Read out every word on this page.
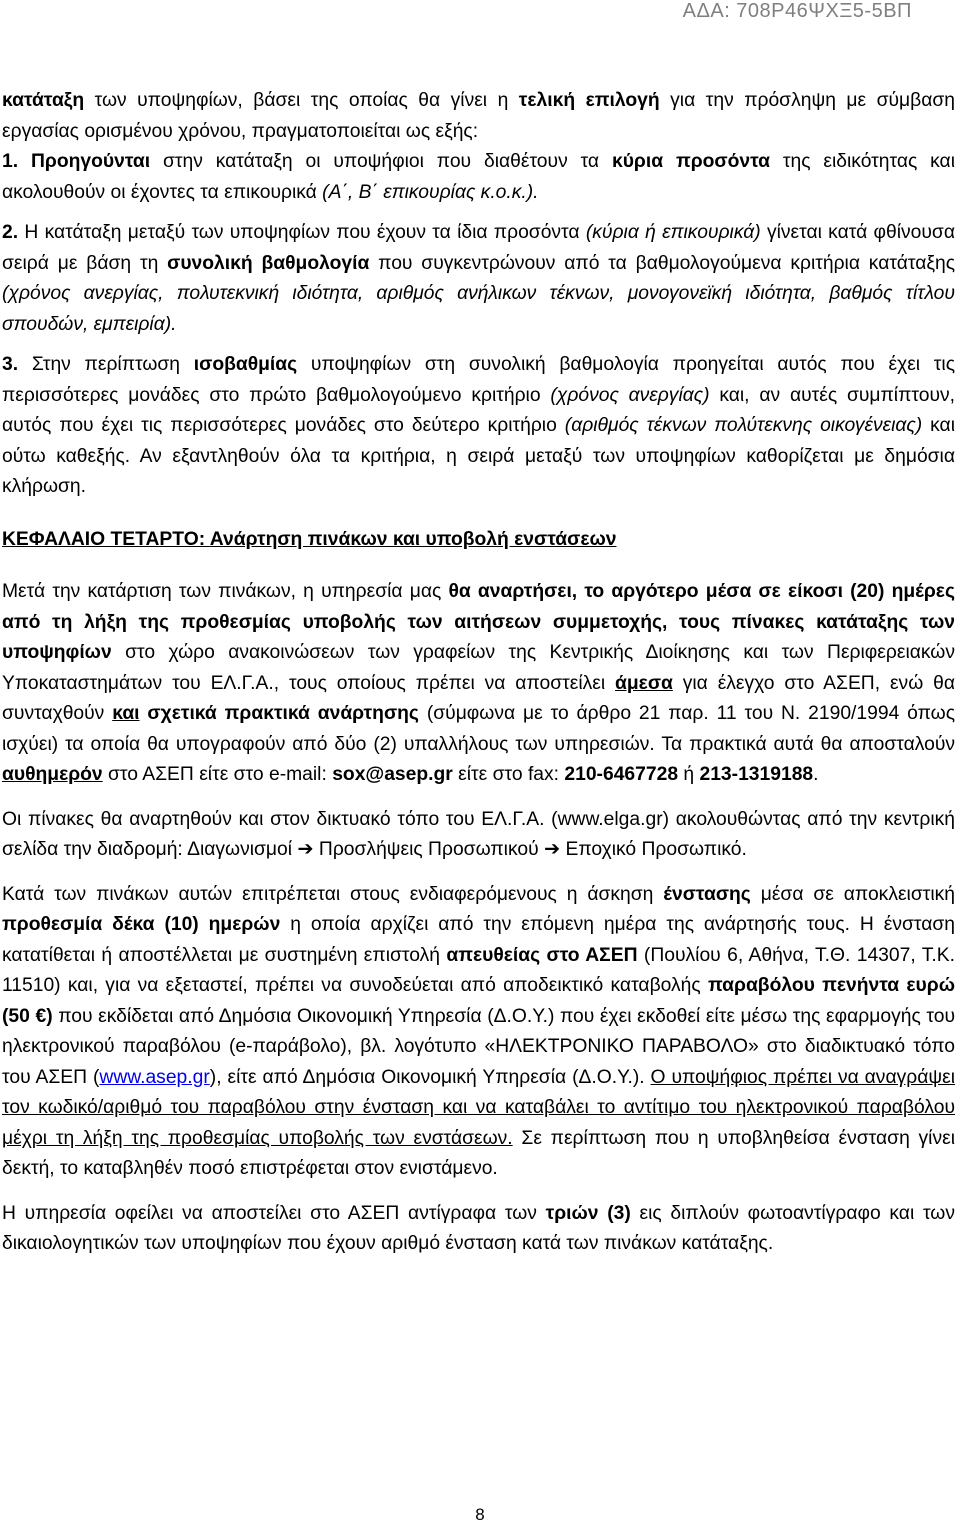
ΑΔΑ: 708Ρ46ΨΧΞ5-5ΒΠ

κατάταξη των υποψηφίων, βάσει της οποίας θα γίνει η τελική επιλογή για την πρόσληψη με σύμβαση εργασίας ορισμένου χρόνου, πραγματοποιείται ως εξής:

1. Προηγούνται στην κατάταξη οι υποψήφιοι που διαθέτουν τα κύρια προσόντα της ειδικότητας και ακολουθούν οι έχοντες τα επικουρικά (Α΄, Β΄ επικουρίας κ.ο.κ.).

2. Η κατάταξη μεταξύ των υποψηφίων που έχουν τα ίδια προσόντα (κύρια ή επικουρικά) γίνεται κατά φθίνουσα σειρά με βάση τη συνολική βαθμολογία που συγκεντρώνουν από τα βαθμολογούμενα κριτήρια κατάταξης (χρόνος ανεργίας, πολυτεκνική ιδιότητα, αριθμός ανήλικων τέκνων, μονογονεϊκή ιδιότητα, βαθμός τίτλου σπουδών, εμπειρία).

3. Στην περίπτωση ισοβαθμίας υποψηφίων στη συνολική βαθμολογία προηγείται αυτός που έχει τις περισσότερες μονάδες στο πρώτο βαθμολογούμενο κριτήριο (χρόνος ανεργίας) και, αν αυτές συμπίπτουν, αυτός που έχει τις περισσότερες μονάδες στο δεύτερο κριτήριο (αριθμός τέκνων πολύτεκνης οικογένειας) και ούτω καθεξής. Αν εξαντληθούν όλα τα κριτήρια, η σειρά μεταξύ των υποψηφίων καθορίζεται με δημόσια κλήρωση.

ΚΕΦΑΛΑΙΟ ΤΕΤΑΡΤΟ: Ανάρτηση πινάκων και υποβολή ενστάσεων

Μετά την κατάρτιση των πινάκων, η υπηρεσία μας θα αναρτήσει, το αργότερο μέσα σε είκοσι (20) ημέρες από τη λήξη της προθεσμίας υποβολής των αιτήσεων συμμετοχής, τους πίνακες κατάταξης των υποψηφίων στο χώρο ανακοινώσεων των γραφείων της Κεντρικής Διοίκησης και των Περιφερειακών Υποκαταστημάτων του ΕΛ.Γ.Α., τους οποίους πρέπει να αποστείλει άμεσα για έλεγχο στο ΑΣΕΠ, ενώ θα συνταχθούν και σχετικά πρακτικά ανάρτησης (σύμφωνα με το άρθρο 21 παρ. 11 του Ν. 2190/1994 όπως ισχύει) τα οποία θα υπογραφούν από δύο (2) υπαλλήλους των υπηρεσιών. Τα πρακτικά αυτά θα αποσταλούν αυθημερόν στο ΑΣΕΠ είτε στο e-mail: sox@asep.gr είτε στο fax: 210-6467728 ή 213-1319188.

Οι πίνακες θα αναρτηθούν και στον δικτυακό τόπο του ΕΛ.Γ.Α. (www.elga.gr) ακολουθώντας από την κεντρική σελίδα την διαδρομή: Διαγωνισμοί ➔ Προσλήψεις Προσωπικού ➔ Εποχικό Προσωπικό.

Κατά των πινάκων αυτών επιτρέπεται στους ενδιαφερόμενους η άσκηση ένστασης μέσα σε αποκλειστική προθεσμία δέκα (10) ημερών η οποία αρχίζει από την επόμενη ημέρα της ανάρτησής τους. Η ένσταση κατατίθεται ή αποστέλλεται με συστημένη επιστολή απευθείας στο ΑΣΕΠ (Πουλίου 6, Αθήνα, Τ.Θ. 14307, Τ.Κ. 11510) και, για να εξεταστεί, πρέπει να συνοδεύεται από αποδεικτικό καταβολής παραβόλου πενήντα ευρώ (50 €) που εκδίδεται από Δημόσια Οικονομική Υπηρεσία (Δ.Ο.Υ.) που έχει εκδοθεί είτε μέσω της εφαρμογής του ηλεκτρονικού παραβόλου (e-παράβολο), βλ. λογότυπο «ΗΛΕΚΤΡΟΝΙΚΟ ΠΑΡΑΒΟΛΟ» στο διαδικτυακό τόπο του ΑΣΕΠ (www.asep.gr), είτε από Δημόσια Οικονομική Υπηρεσία (Δ.Ο.Υ.). Ο υποψήφιος πρέπει να αναγράψει τον κωδικό/αριθμό του παραβόλου στην ένσταση και να καταβάλει το αντίτιμο του ηλεκτρονικού παραβόλου μέχρι τη λήξη της προθεσμίας υποβολής των ενστάσεων. Σε περίπτωση που η υποβληθείσα ένσταση γίνει δεκτή, το καταβληθέν ποσό επιστρέφεται στον ενιστάμενο.

Η υπηρεσία οφείλει να αποστείλει στο ΑΣΕΠ αντίγραφα των τριών (3) εις διπλούν φωτοαντίγραφο και των δικαιολογητικών των υποψηφίων που έχουν αριθμό ένσταση κατά των πινάκων κατάταξης.

8
